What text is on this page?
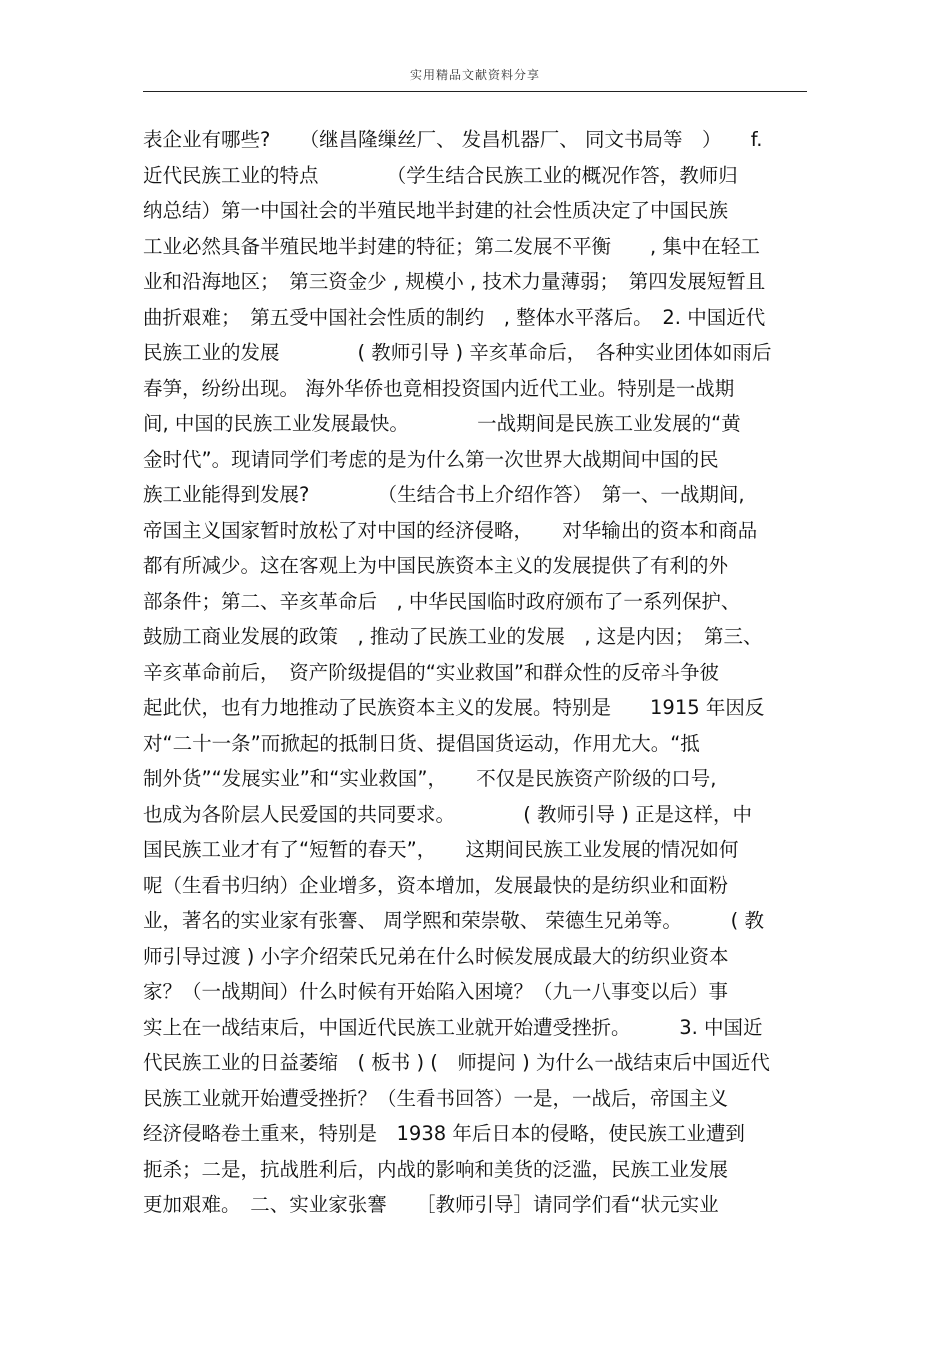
实用精品文献资料分享
表企业有哪些?　　（继昌隆缫丝厂、 发昌机器厂、 同文书局等　）　　f.
近代民族工业的特点　　　　（学生结合民族工业的概况作答，教师归
纳总结）第一中国社会的半殖民地半封建的社会性质决定了中国民族
工业必然具备半殖民地半封建的特征；第二发展不平衡　　, 集中在轻工
业和沿海地区；　第三资金少 , 规模小 , 技术力量薄弱；　第四发展短暂且
曲折艰难；　第五受中国社会性质的制约　, 整体水平落后。　2. 中国近代
民族工业的发展　　　　( 教师引导 ) 辛亥革命后，　各种实业团体如雨后
春笋，纷纷出现。 海外华侨也竟相投资国内近代工业。特别是一战期
间, 中国的民族工业发展最快。　　　　一战期间是民族工业发展的“黄
金时代”。现请同学们考虑的是为什么第一次世界大战期间中国的民
族工业能得到发展?　　　　（生结合书上介绍作答）　第一、一战期间,
帝国主义国家暂时放松了对中国的经济侵略，　　对华输出的资本和商品
都有所减少。这在客观上为中国民族资本主义的发展提供了有利的外
部条件；第二、辛亥革命后　, 中华民国临时政府颁布了一系列保护、
鼓励工商业发展的政策　, 推动了民族工业的发展　, 这是内因；　第三、
辛亥革命前后，　资产阶级提倡的“实业救国”和群众性的反帝斗争彼
起此伏，也有力地推动了民族资本主义的发展。特别是　　1915 年因反
对“二十一条”而掀起的抵制日货、提倡国货运动，作用尤大。“抵
制外货”“发展实业”和“实业救国”，　　不仅是民族资产阶级的口号,
也成为各阶层人民爱国的共同要求。　　　　( 教师引导 ) 正是这样，中
国民族工业才有了“短暂的春天”，　　这期间民族工业发展的情况如何
呢（生看书归纳）企业增多，资本增加，发展最快的是纺织业和面粉
业，著名的实业家有张謇、 周学熙和荣崇敬、 荣德生兄弟等。　　　( 教
师引导过渡 ) 小字介绍荣氏兄弟在什么时候发展成最大的纺织业资本
家？（一战期间）什么时候有开始陷入困境？（九一八事变以后）事
实上在一战结束后，中国近代民族工业就开始遭受挫折。　　　3. 中国近
代民族工业的日益萎缩　( 板书 ) (　师提问 ) 为什么一战结束后中国近代
民族工业就开始遭受挫折？（生看书回答）一是，一战后，帝国主义
经济侵略卷土重来，特别是　1938 年后日本的侵略，使民族工业遭到
扼杀；二是，抗战胜利后，内战的影响和美货的泛滥，民族工业发展
更加艰难。　二、实业家张謇　　［教师引导］请同学们看“状元实业
